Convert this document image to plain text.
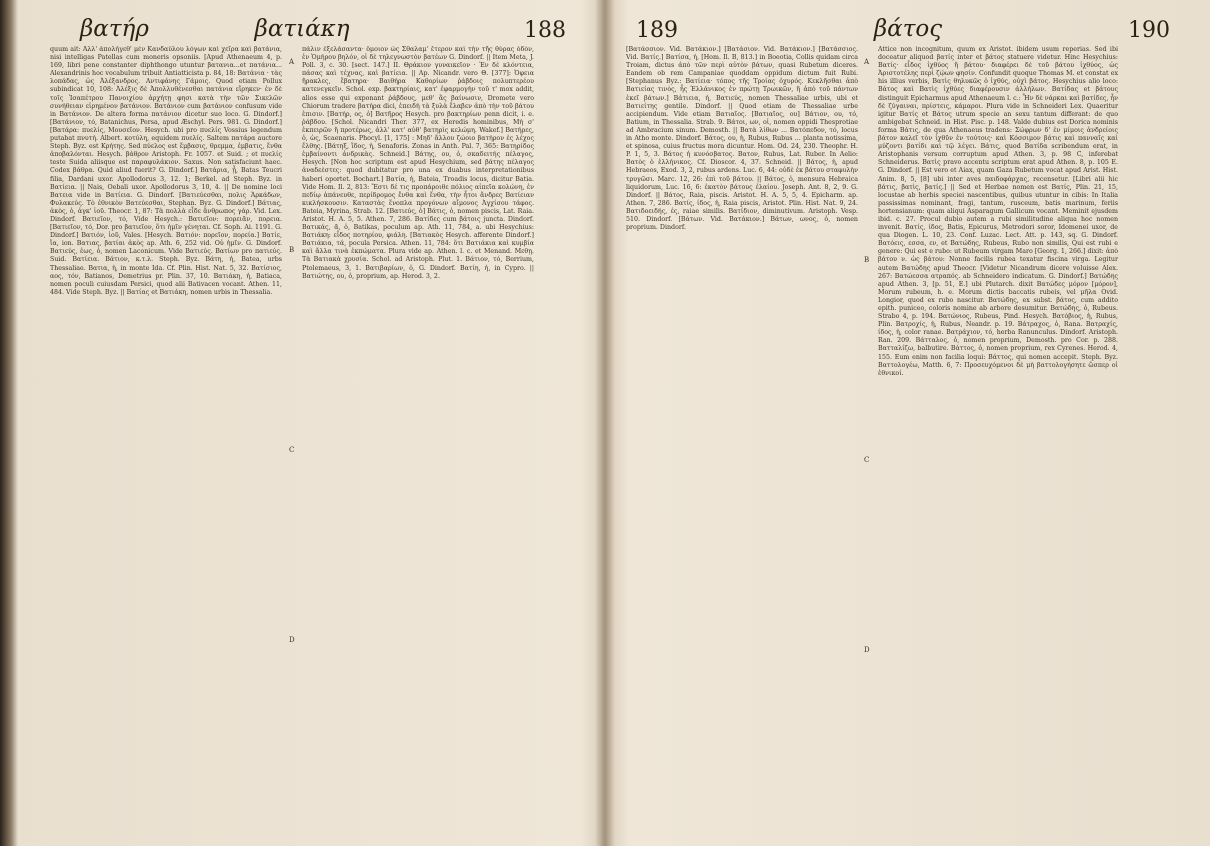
βατήρ	βατιάκη	188
quum ait: Ἀλλ' ἀπολήγεθ' μὲν Κανδαύλου λόγων καὶ χεῖρα καὶ βατάνια, nisi intelligas Patellas cum moneris opsoniis. [Apud Athenaeum 4, p. 169, libri pene constanter diphthongo utuntur βατανια...et πατάνια... Alexandrinis hoc vocabulum tribuit Antiatticista p. 84, 18: Βατάνια · τὰς λοπάδας, ὡς Ἀλέξανδρος. Αντιφάνης Γάμοις. Quod etiam Pollux subindicat 10, 108: Ἀλέξις δὲ Ἀπολλυθένεσθαι πατάνια εἴρηκεν· ἐν δὲ τοῖς Ἰσαπέτρου Πανοιχίου ἀρχήτῃ φησι κατὰ τὴν τῶν Σικελῶν συνήθειαν εἰρημένον βατάνιον. Βατάνιον cum βατάνιον confusum vide in Βατάνιον. De altera forma πατάνιον dicetur suo loco. G. Dindorf.] [Βατάνιον, τό, Batanichus, Persa, apud Æschyl. Pers. 981. G. Dindorf.] [Βατάρα: πυελίς, Μουσεῖον. Hesych. ubi pro πυελίς Vossius legendum putabat πνυτή. Albert. κοτύλη, equidem πυελίς. Saltem πατάρα auctore Steph. Byz. est Κρήτης. Sed πύελος est ἔμβασις, θρεμμα, ἐμβατις, ἔνθα ἀποβαλόνται. Hesych. βάθρον Aristoph. Fr. 1057. et Suid. ; et πυελίς teste Suida aliisque est παραφυλάκιον. Saxus. Non satisfaciunt haec. Codex βάθρα. Quid aliud fuerit? G. Dindorf.] Βατάρια, ᾗ, Batas Teucri filia, Dardani uxor. Apollodorus 3, 12. 1; Berkel. ad Steph. Byz. in Βατίεια. || Nais, Oebali uxor. Apollodorus 3, 10, 4. || De nomine loci Βατεια vide in Βατίεια. G. Dindorf. [Βατιεύεσθαι, πολις Ἀρκάδων, Φυλακεύς. Τὸ ἐθνικὸν Βατεύεσθαι, Stephan. Byz. G. Dindorf.] Βάτιας, ἀκὸς, ὁ, ἀγκ' ἰοῦ. Theocr. 1, 87: Τὰ πολλὰ εἶδε ἄνθρωπος γάρ. Vid. Lex. Dindorf. Βατιεῖον, τό, Vide Hesych.: Βατιεῖον: πορειᾶν, πορεια. [Βατιεῖον, τό, Dor. pro βατιεῖον, ὅτι ἡμῖν γένηται. Cf. Soph. Ai. 1191. G. Dindorf.] Βατιόν, ἰοῦ, Vales. [Hesych. Βατιόν: πορεῖον, πορεία.] Βατίε, ἴα, ion. Βατιας, βατίαι ἀκὸς ap. Ath. 6, 252 vid. Οὐ ἡμῖν. G. Dindorf. Βατιεύς, ἐως, ὁ, nomen Laconicum. Vide Βατιεύς. Βατίων pro πατιεύς. Suid. Βατίεια. Βάτιον, κ.τ.λ. Steph. Byz. Βάτη, ἡ, Batea, urbs Thessaliae. Βατια, ἡ, in monte Ida. Cf. Plin. Hist. Nat. 5, 32. Βατίσιος, αος, τόν, Batianos, Demetrius pr. Plin. 37, 10. Βατιάκη, ἡ, Batiaca, nomen poculi cuiusdam Persici, quod alii Bativacen vocant. Athen. 11, 484. Vide Steph. Byz. || Βατίας et Βατιάκη, nomen urbis in Thessalia.
A
B
C
D
πάλιν ἐξελάσαντα· ὅμοιον ὡς Σθαλαμ' ἔτερον καὶ τὴν τῆς θύρας ὁδὸν, ἐν Ὁμήρου βηλόν, οἱ δὲ τηλεγνωστὸν βατέων G. Dindorf. || Item Meta, J. Poll. 3, c. 30. [sect. 147.] ΙΙ. Θράκιον γυναικεῖον · Ἐν δὲ κλόντεια, πάσας καὶ τέχνας, καὶ βατίεια. || Ap. Nicandr. vero Θ. [377]: Ὀφεια ἤρακλες, ἔβατηρα· Βαιθήρα Καθορίων ῥάβδοις πολυπτερέου κατενεγκεῖν. Schol. exp. βακτηρίαις, κατ' ἐφαρμογὴν τοῦ τ' mox addit, alios esse qui exponant ῥάβδους, μεθ' ἃς βαίνωσιν, Dromete vero Chiorum tradere βατήρα dici, ἐπειδὴ τὰ ξυλὰ ἔλαβεν ἀπὸ τὴν τοῦ βάτου ἐπισιν. [Βατήρ, ος, ὁ] Βατῆρος Hesych. pro βακτηρίων penn dicit, i. e. ῥάβδου. [Schol. Nicandri Ther. 377, ex Heredis hominibus, Μὴ σ' ἐκπειρῶν ἢ προτέρως, ἀλλ' κατ' αὐθ' βατηρὶς κελώμη. Wakef.] Βατήρες, ὁ, ὡς, Scaenaris. Phocyl. [1, 175] : Μηδ' ἄλλου ζώοιο βατήρον ἐς λέχος ἔλθης. [Βάτηξ, ἴδος, ἡ, Senaforis. Zonas in Anth. Pal. 7, 365: Βατηρίδος ἐμβαίνοντι ἀνδρικὰς. Schneid.] Βάτης, ου, ὁ, σκαδειτής πέλαγος, Hesych. [Non hoc scriptum est apud Hesychium, sed βάτης πέλαγος ἀναδεὲστες: quod dubitatur pro una ex duabus interpretationibus haberi oportet. Bochart.] Βατία, ἡ, Bateia, Troadis locus, dicitur Batia. Vide Hom. Il. 2, 813: Ἔστι δέ τις προπάροιθε πόλιος αἰπεῖα κολώνη, ἐν πεδίῳ ἀπάνευθε, περίδρομος ἔνθα καὶ ἔνθα, τὴν ἦτοι ἄνδρες Βατίειαν κικλήσκουσιν. Καταστὰς ἔνοπλα προγόνων αἴμονος Ἀγχίσου τάφος. Bateia, Myrina, Strab. 12. [Βατιεύς, ὁ] Βάτις, ὁ, nomen piscis, Lat. Raia. Aristot. H. A. 5, 5. Athen. 7, 286. Βατίδες cum βάτοις juncta. Dindorf. Βατικάς, ᾶ, ὁ, Batikas, poculum ap. Ath. 11, 784, a. ubi Hesychius: Βατιάκη: εἶδος ποτηρίου, φιάλη. [Βατιακὸς Hesych. afferente Dindorf.] Βατιάκια, τά, pocula Persica. Athen. 11, 784: ὅτι Βατιάκια καὶ κυμβία καὶ ἄλλα τινὰ ἐκπώματα. Plura vide ap. Athen. l. c. et Menand. Μεθῃ. Τὰ Βατιακὰ χρυσία. Schol. ad Aristoph. Plut. 1. Βάτιον, τό, Berrium, Ptolemaeus, 3, 1. Βατιβαρίων, ὁ, G. Dindorf. Βατίη, ἡ, in Cypro. || Βατιώτης, ου, ὁ, proprium, ap. Herod. 3, 2.
189	βάτος	190
[Βατάσσιον. Vid. Βατάκιον.] [Βατάσιον. Vid. Βατάκιον.] [Βατάσσιος. Vid. Βατίς.] Βατίσα, ἡ, [Hom. Il. B, 813.] in Boeotia, Collis quidam circa Troiam, dictus ἀπὸ τῶν περὶ αὐτὸν βάτων, quasi Rubetum diceres. Eandem ob rem Campaniae quoddam oppidum dictum fuit Rubi. [Stephanus Byz.: Βατίεια· τόπος τῆς Τροίας ὀχυρός. Κεκλῆσθαι ἀπὸ Βατιείας τινὸς, ἧς Ἑλλάνικος ἐν πρώτῃ Τρωικῶν, ἢ ἀπὸ τοῦ πάντων ἐκεῖ βάτων.] Βάτιεια, ἡ, Βατιεύς, nomen Thessaliae urbis, ubi et Βατιείτης gentile. Dindorf. || Quod etiam de Thessaliae urbe accipiendum. Vide etiam Βατιαῖος. [Βατιαῖος, ου] Βάτιον, ου, τό, Batium, in Thessalia. Strab. 9. Βάτοι, ων, οἱ, nomen oppidi Thesprotiae ad Ambracium sinum. Demosth. || Βατὰ λίθων ... Βατόπεδον, τό, locus in Atho monte. Dindorf. Βάτος, ου, ἡ, Rubus, Rubus ... planta notissima, et spinosa, cuius fructus mora dicuntur. Hom. Od. 24, 230. Theophr. H. P. 1, 5, 3. Βάτος ἡ κυνόσβατος. Βατον, Rubus, Lat. Ruber. In Aelio: Βατὸς ὁ ἑλλήνικος. Cf. Dioscor. 4, 37. Schneid. || Βάτος, ἡ, apud Hebraeos, Exod. 3, 2, rubus ardens. Luc. 6, 44: οὐδὲ ἐκ βάτου σταφυλὴν τρυγῶσι. Marc. 12, 26: ἐπὶ τοῦ βάτου. || Βάτος, ὁ, mensura Hebraica liquidorum, Luc. 16, 6: ἑκατὸν βάτους ἐλαίου. Joseph. Ant. 8, 2, 9. G. Dindorf. || Βάτος, Raia, piscis. Aristot. H. A. 5, 5, 4. Epicharm. ap. Athen. 7, 286. Βατίς, ίδος, ἡ, Raia piscis, Aristot. Plin. Hist. Nat. 9, 24. Βατιδοειδής, ές, raiae similis. Βατίδιον, diminutivum. Aristoph. Vesp. 510. Dindorf. [Βάτων. Vid. Βατάκιον.] Βάτων, ωνος, ὁ, nomen proprium. Dindorf.
A
B
C
D
Attice non incognitum, quum ex Aristot. ibidem usum reperias. Sed ibi doceatur aliquod βατίς inter et βάτος statuere videtur. Hinc Hesychius: Βατίς· εἶδος ἰχθύος ἢ βάτου· διαφέρει δὲ τοῦ βάτου ἰχθύος, ὡς Ἀριστοτέλης περὶ ζῴων φησίν. Confundit quoque Thomas M. et constat ex his illius verbis, Βατὶς θηλυκῶς ὁ ἰχθύς, οὐχὶ βάτος. Hesychius alio loco: Βάτος καὶ Βατὶς ἰχθύες διαφέρουσιν ἀλλήλων. Βατίδας et βάτους distinguit Epicharmus apud Athenaeum l. c.: Ἦν δὲ νάρκαι καὶ βατίδες, ἦν δὲ ζύγαιναι, πρίστεις, κάμαροι. Plura vide in Schneideri Lex. Quaeritur igitur Βατίς et Βάτος utrum specie an sexu tantum differant: de quo ambigebat Schneid. in Hist. Pisc. p. 148. Valde dubius est Dorica nominis forma Βάτις, de qua Athenaeus tradens: Σώφρων δ' ἐν μίμοις ἀνδρείοις βάτον καλεῖ τὸν ἰχθῦν ἐν τούτοις· καὶ Κόσσιμον βάτις καὶ πανναῖς καὶ μύζοντι βατίδι καὶ τῷ λέγει. Βάτις, quod Βατίδα scribendum erat, in Aristophanis versum corruptum apud Athen. 3, p. 98 C, inferebat Schneiderus. Βατὶς pravo accentu scriptum erat apud Athen. 8, p. 105 E. G. Dindorf. || Est vero et Aiax, quam Gaza Rubetum vocat apud Arist. Hist. Anim. 8, 5, [8] ubi inter aves παιδοφάρχας, recensetur. [Libri alii hic βάτις, βατὶς, βατίς.] || Sed et Herbae nomen est Βατίς, Plin. 21, 15, locustae ab herbis speciei nascentibus, quibus utuntur in cibis: In Italia passissimas nominant, fragi, tantum, rusceum, batis marinum, feriis hortensianum: quam aliqui Asparagum Gallicum vocant. Meminit ejusdem ibid. c. 27. Procul dubio autem a rubi similitudine aliqua hoc nomen invenit. Βατίς, ίδος, Batis, Epicurus, Metrodori soror, Idomenei uxor, de qua Diogen. L. 10, 23. Conf. Luzac. Lect. Att. p. 143, sq. G. Dindorf. Βατόεις, εσσα, εν, et Βατώδης, Rubeus, Rubo non similis, Qui est rubi e genere: Qui est e rubo: ut Rubeum virgam Maro [Georg. 1, 266.] dixit: ἀπὸ βάτου ν. ὡς βάτου: Nonne facilis rubea texatur fiscina virga. Legitur autem Βατώδης apud Theocr. [Videtur Nicandrum dicere voluisse Alex. 267: Βατώεσσα ατραπός. ab Schneidero indicatum. G. Dindorf.] Βατώδης apud Athen. 3, [p. 51, E.] ubi Plutarch. dixit Βατώδες μόρον [μόρον], Morum rubeum, h. e. Morum dictis baccatis rubeis, vel μῆλα Ovid. Longior, quod ex rubo nascitur. Βατώδης, ex subst. βάτος, cum addito epith. puniceo, coloris nomine ab arbore desumitur. Βατώδης, ὁ, Rubeus. Strabo 4, p. 194. Βατώνιος, Rubeus, Pind. Hesych. Βατόβιος, ἡ, Rubus, Plin. Βατροχίς, ἡ, Rubus, Neandr. p. 19. Βάτραχος, ὁ, Rana. Βατραχίς, ίδος, ἡ, color ranae. Βατράχιον, τό, herba Ranunculus. Dindorf. Aristoph. Ran. 209. Βάτταλος, ὁ, nomen proprium, Demosth. pro Cor. p. 288. Βατταλίζω, balbutire. Βάττος, ὁ, nomen proprium, rex Cyrenes. Herod. 4, 155. Eum enim non facilia loqui: Βάττος, qui nomen accepit. Steph. Byz. Βαττολογέω, Matth. 6, 7: Προσευχόμενοι δὲ μὴ βαττολογήσητε ὥσπερ οἱ ἐθνικοί.
